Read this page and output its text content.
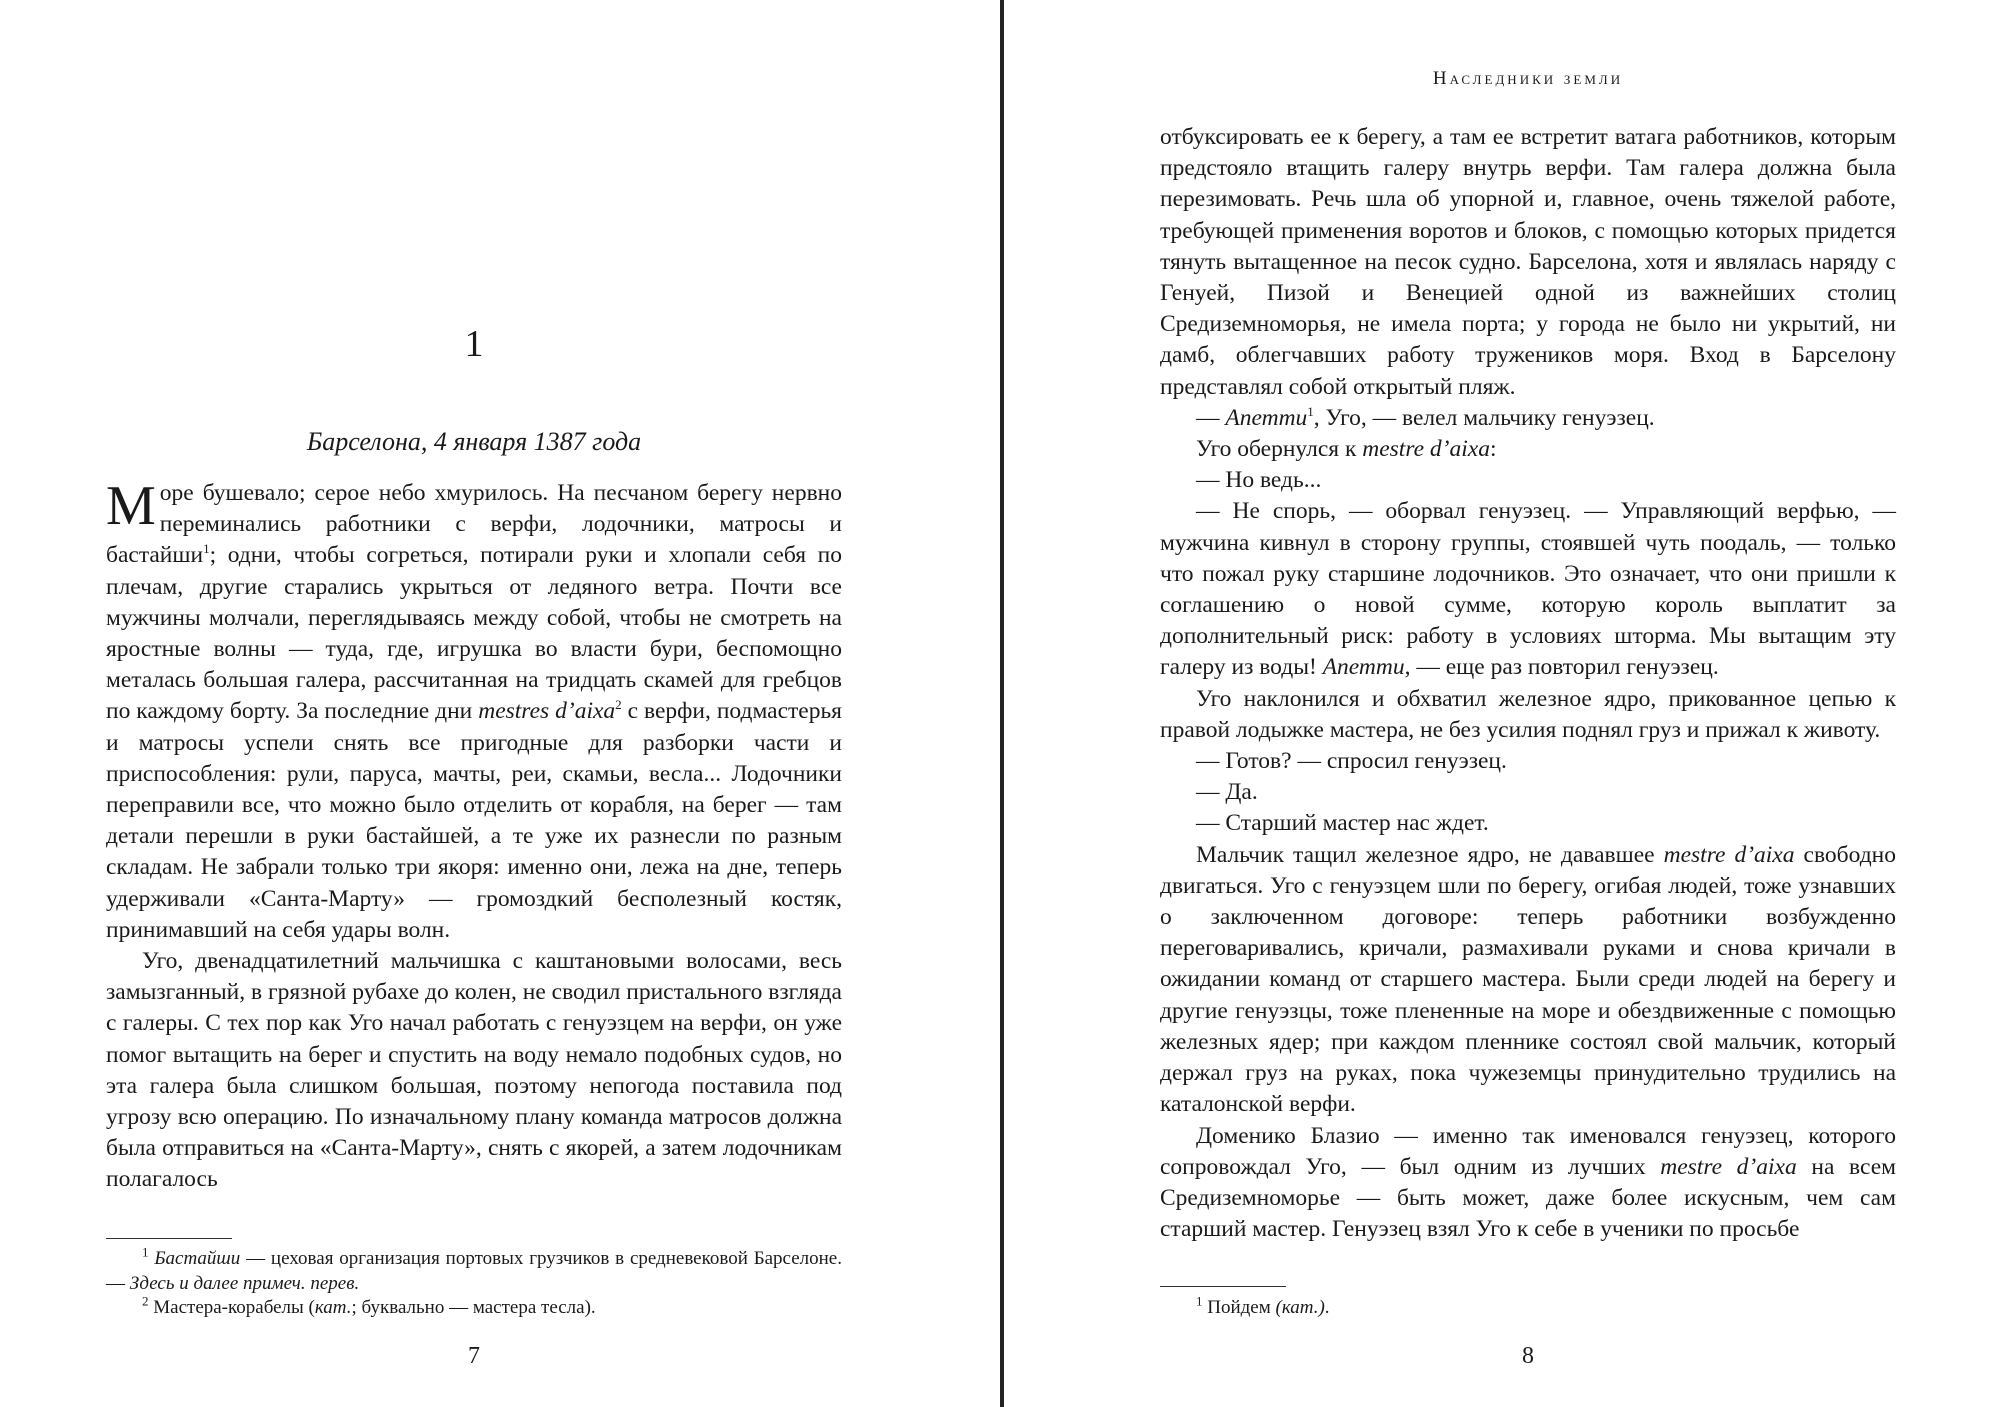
1
Барселона, 4 января 1387 года

Море бушевало; серое небо хмурилось. На песчаном берегу нервно переминались работники с верфи, лодочники, матросы и бастайши$^1$; одни, чтобы согреться, потирали руки и хлопали себя по плечам, другие старались укрыться от ледяного ветра. Почти все мужчины молчали, переглядываясь между собой, чтобы не смотреть на яростные волны — туда, где, игрушка во власти бури, беспомощно металась большая галера, рассчитанная на тридцать скамей для гребцов по каждому борту. За последние дни mestres d’aixa$^2$ с верфи, подмастерья и матросы успели снять все пригодные для разборки части и приспособления: рули, паруса, мачты, реи, скамьи, весла... Лодочники переправили все, что можно было отделить от корабля, на берег — там детали перешли в руки бастайшей, а те уже их разнесли по разным складам. Не забрали только три якоря: именно они, лежа на дне, теперь удерживали «Санта-Марту» — громоздкий бесполезный костяк, принимавший на себя удары волн.

Уго, двенадцатилетний мальчишка с каштановыми волосами, весь замызганный, в грязной рубахе до колен, не сводил пристального взгляда с галеры. С тех пор как Уго начал работать с генуэзцем на верфи, он уже помог вытащить на берег и спустить на воду немало подобных судов, но эта галера была слишком большая, поэтому непогода поставила под угрозу всю операцию. По изначальному плану команда матросов должна была отправиться на «Санта-Марту», снять с якорей, а затем лодочникам полагалось

$^1$ Бастайши — цеховая организация портовых грузчиков в средневековой Барселоне. — Здесь и далее примеч. перев.

$^2$ Мастера-корабелы (кат.; буквально — мастера тесла).

7
Наследники земли

отбуксировать ее к берегу, а там ее встретит ватага работников, которым предстояло втащить галеру внутрь верфи. Там галера должна была перезимовать. Речь шла об упорной и, главное, очень тяжелой работе, требующей применения воротов и блоков, с помощью которых придется тянуть вытащенное на песок судно. Барселона, хотя и являлась наряду с Генуей, Пизой и Венецией одной из важнейших столиц Средиземноморья, не имела порта; у города не было ни укрытий, ни дамб, облегчавших работу тружеников моря. Вход в Барселону представлял собой открытый пляж.

— Апетти$^1$, Уго, — велел мальчику генуэзец.

Уго обернулся к mestre d’aixa:

— Но ведь...

— Не спорь, — оборвал генуэзец. — Управляющий верфью, — мужчина кивнул в сторону группы, стоявшей чуть поодаль, — только что пожал руку старшине лодочников. Это означает, что они пришли к соглашению о новой сумме, которую король выплатит за дополнительный риск: работу в условиях шторма. Мы вытащим эту галеру из воды! Апетти, — еще раз повторил генуэзец.

Уго наклонился и обхватил железное ядро, прикованное цепью к правой лодыжке мастера, не без усилия поднял груз и прижал к животу.

— Готов? — спросил генуэзец.

— Да.

— Старший мастер нас ждет.

Мальчик тащил железное ядро, не дававшее mestre d’aixa свободно двигаться. Уго с генуэзцем шли по берегу, огибая людей, тоже узнавших о заключенном договоре: теперь работники возбужденно переговаривались, кричали, размахивали руками и снова кричали в ожидании команд от старшего мастера. Были среди людей на берегу и другие генуэзцы, тоже плененные на море и обездвиженные с помощью железных ядер; при каждом пленнике состоял свой мальчик, который держал груз на руках, пока чужеземцы принудительно трудились на каталонской верфи.

Доменико Блазио — именно так именовался генуэзец, которого сопровождал Уго, — был одним из лучших mestre d’aixa на всем Средиземноморье — быть может, даже более искусным, чем сам старший мастер. Генуэзец взял Уго к себе в ученики по просьбе

$^1$ Пойдем (кат.).

8
